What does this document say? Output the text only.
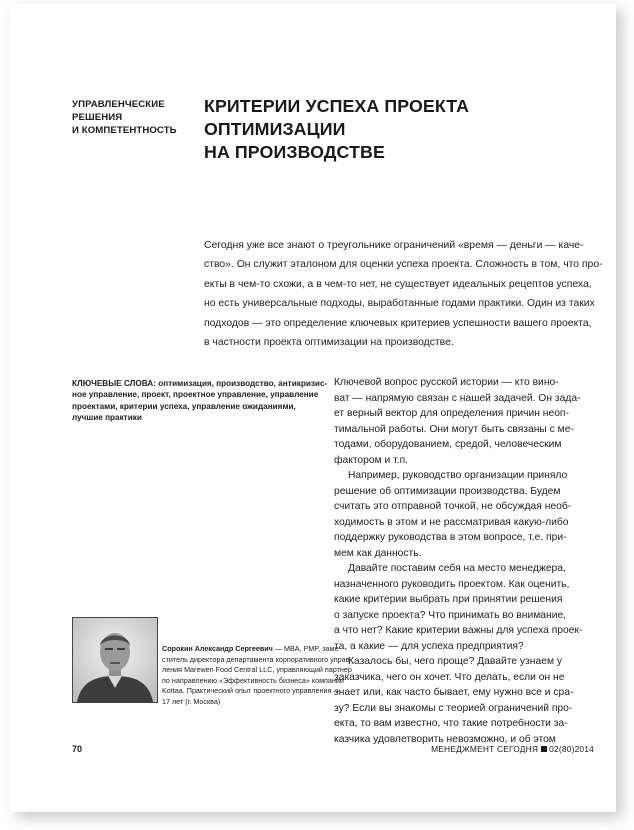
УПРАВЛЕНЧЕСКИЕ
РЕШЕНИЯ
И КОМПЕТЕНТНОСТЬ
КРИТЕРИИ УСПЕХА ПРОЕКТА ОПТИМИЗАЦИИ
НА ПРОИЗВОДСТВЕ
Сегодня уже все знают о треугольнике ограничений «время — деньги — каче-
ство». Он служит эталоном для оценки успеха проекта. Сложность в том, что про-
екты в чем-то схожи, а в чем-то нет, не существует идеальных рецептов успеха,
но есть универсальные подходы, выработанные годами практики. Один из таких
подходов — это определение ключевых критериев успешности вашего проекта,
в частности проекта оптимизации на производстве.
КЛЮЧЕВЫЕ СЛОВА: оптимизация, производство, антикризис-
ное управление, проект, проектное управление, управление
проектами, критерии успеха, управление ожиданиями,
лучшие практики
Ключевой вопрос русской истории — кто вино-
ват — напрямую связан с нашей задачей. Он зада-
ет верный вектор для определения причин неоп-
тимальной работы. Они могут быть связаны с ме-
тодами, оборудованием, средой, человеческим
фактором и т.п.
Например, руководство организации приняло
решение об оптимизации производства. Будем
считать это отправной точкой, не обсуждая необ-
ходимость в этом и не рассматривая какую-либо
поддержку руководства в этом вопросе, т.е. при-
мем как данность.
Давайте поставим себя на место менеджера,
назначенного руководить проектом. Как оценить,
какие критерии выбрать при принятии решения
о запуске проекта? Что принимать во внимание,
а что нет? Какие критерии важны для успеха проек-
та, а какие — для успеха предприятия?
Казалось бы, чего проще? Давайте узнаем у
заказчика, чего он хочет. Что делать, если он не
знает или, как часто бывает, ему нужно все и сра-
зу? Если вы знакомы с теорией ограничений про-
екта, то вам известно, что такие потребности за-
казчика удовлетворить невозможно, и об этом
Сорокин Александр Сергеевич — MBA, PMP, заме-
ститель директора департамента корпоративного управ-
ления Marewen Food Central LLC, управляющий партнер
по направлению «Эффективность бизнеса» компании
Kottaa. Практический опыт проектного управления —
17 лет (г. Москва)
70	МЕНЕДЖМЕНТ СЕГОДНЯ 02(80)2014
